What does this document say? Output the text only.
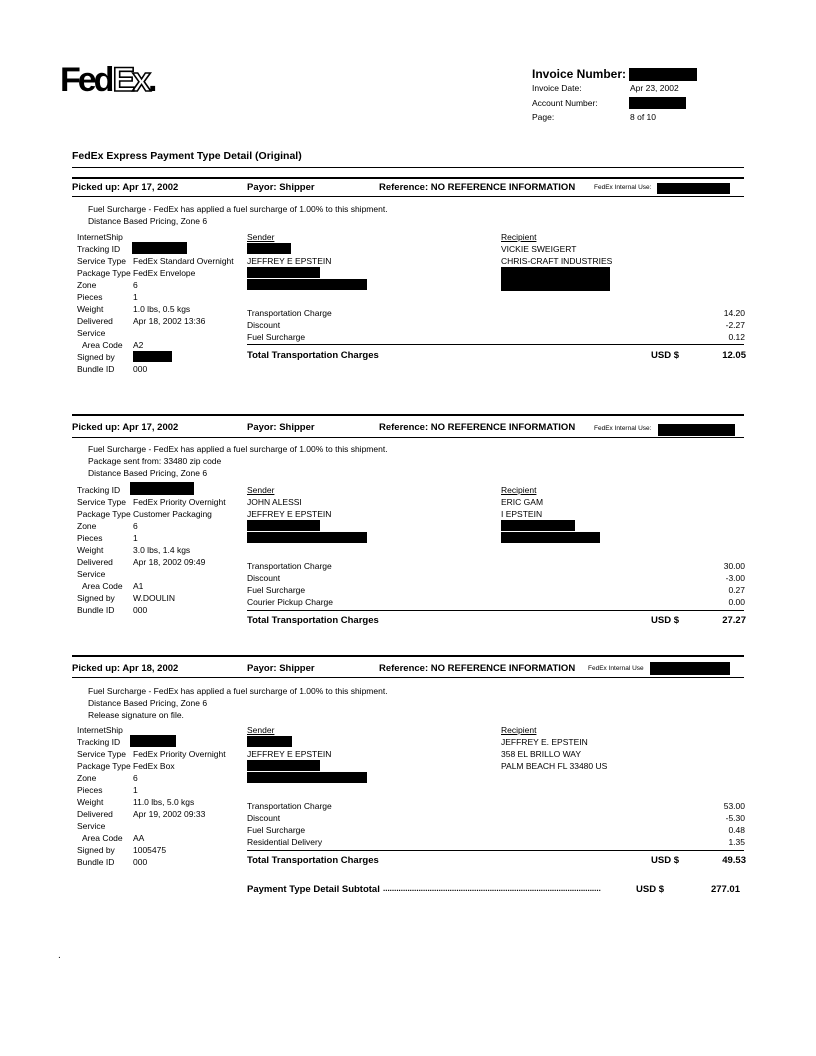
FedEx.	Invoice Number:
Invoice Date:	Apr 23, 2002
Account Number:
Page:	8 of 10
FedEx Express Payment Type Detail (Original)
Picked up: Apr 17, 2002	Payor: Shipper	Reference: NO REFERENCE INFORMATION	FedEx Internal Use:
Fuel Surcharge - FedEx has applied a fuel surcharge of 1.00% to this shipment.
Distance Based Pricing, Zone 6
InternetShip
Tracking ID
Service Type FedEx Standard Overnight
Package Type FedEx Envelope
Zone	6
Pieces	1
Weight	1.0 lbs, 0.5 kgs
Delivered Apr 18, 2002 13:36
Service
Area Code A2
Signed by
Bundle ID 000
Sender
JEFFREY E EPSTEIN
Recipient
VICKIE SWEIGERT
CHRIS-CRAFT INDUSTRIES
Transportation Charge	14.20
Discount	-2.27
Fuel Surcharge	0.12
Total Transportation Charges	USD $	12.05
Picked up: Apr 17, 2002	Payor: Shipper	Reference: NO REFERENCE INFORMATION	FedEx Internal Use:
Fuel Surcharge - FedEx has applied a fuel surcharge of 1.00% to this shipment.
Package sent from: 33480 zip code
Distance Based Pricing, Zone 6
Tracking ID
Service Type FedEx Priority Overnight
Package Type Customer Packaging
Zone	6
Pieces	1
Weight	3.0 lbs, 1.4 kgs
Delivered Apr 18, 2002 09:49
Service
Area Code A1
Signed by W.DOULIN
Bundle ID 000
Sender
JOHN ALESSI
JEFFREY E EPSTEIN
Recipient
ERIC GAM
I EPSTEIN
Transportation Charge	30.00
Discount	-3.00
Fuel Surcharge	0.27
Courier Pickup Charge	0.00
Total Transportation Charges	USD $	27.27
Picked up: Apr 18, 2002	Payor: Shipper	Reference: NO REFERENCE INFORMATION FedEx Internal Use
Fuel Surcharge - FedEx has applied a fuel surcharge of 1.00% to this shipment.
Distance Based Pricing, Zone 6
Release signature on file.
InternetShip
Tracking ID
Service Type FedEx Priority Overnight
Package Type FedEx Box
Zone	6
Pieces	1
Weight	11.0 lbs, 5.0 kgs
Delivered Apr 19, 2002 09:33
Service
Area Code AA
Signed by 1005475
Bundle ID 000
Sender
JEFFREY E EPSTEIN
Recipient
JEFFREY E. EPSTEIN
358 EL BRILLO WAY
PALM BEACH FL 33480 US
Transportation Charge	53.00
Discount	-5.30
Fuel Surcharge	0.48
Residential Delivery	1.35
Total Transportation Charges	USD $	49.53
Payment Type Detail Subtotal ..................................................................................................	USD $	277.01
.
